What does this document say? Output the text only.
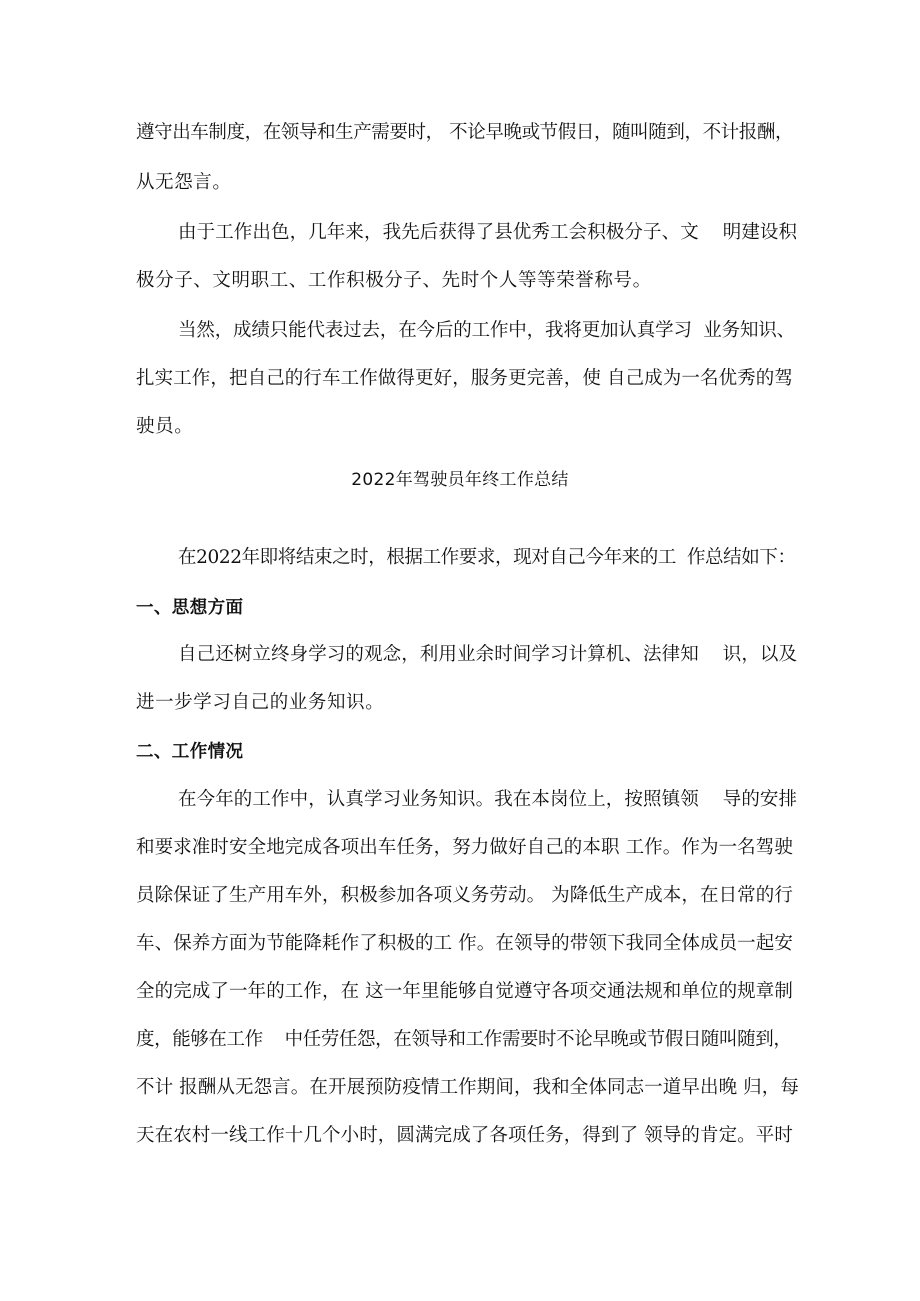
遵守出车制度，在领导和生产需要时， 不论早晚或节假日，随叫随到，不计报酬，
从无怨言。
由于工作出色，几年来，我先后获得了县优秀工会积极分子、文    明建设积
极分子、文明职工、工作积极分子、先时个人等等荣誉称号。
当然，成绩只能代表过去，在今后的工作中，我将更加认真学习  业务知识、
扎实工作，把自己的行车工作做得更好，服务更完善，使 自己成为一名优秀的驾
驶员。
2022年驾驶员年终工作总结
在2022年即将结束之时，根据工作要求，现对自己今年来的工  作总结如下：
一、思想方面
自己还树立终身学习的观念，利用业余时间学习计算机、法律知    识，以及
进一步学习自己的业务知识。
二、工作情况
在今年的工作中，认真学习业务知识。我在本岗位上，按照镇领    导的安排
和要求准时安全地完成各项出车任务，努力做好自己的本职 工作。作为一名驾驶
员除保证了生产用车外，积极参加各项义务劳动。 为降低生产成本，在日常的行
车、保养方面为节能降耗作了积极的工 作。在领导的带领下我同全体成员一起安
全的完成了一年的工作，在 这一年里能够自觉遵守各项交通法规和单位的规章制
度，能够在工作    中任劳任怨，在领导和工作需要时不论早晚或节假日随叫随到，
不计 报酬从无怨言。在开展预防疫情工作期间，我和全体同志一道早出晚 归，每
天在农村一线工作十几个小时，圆满完成了各项任务，得到了 领导的肯定。平时
